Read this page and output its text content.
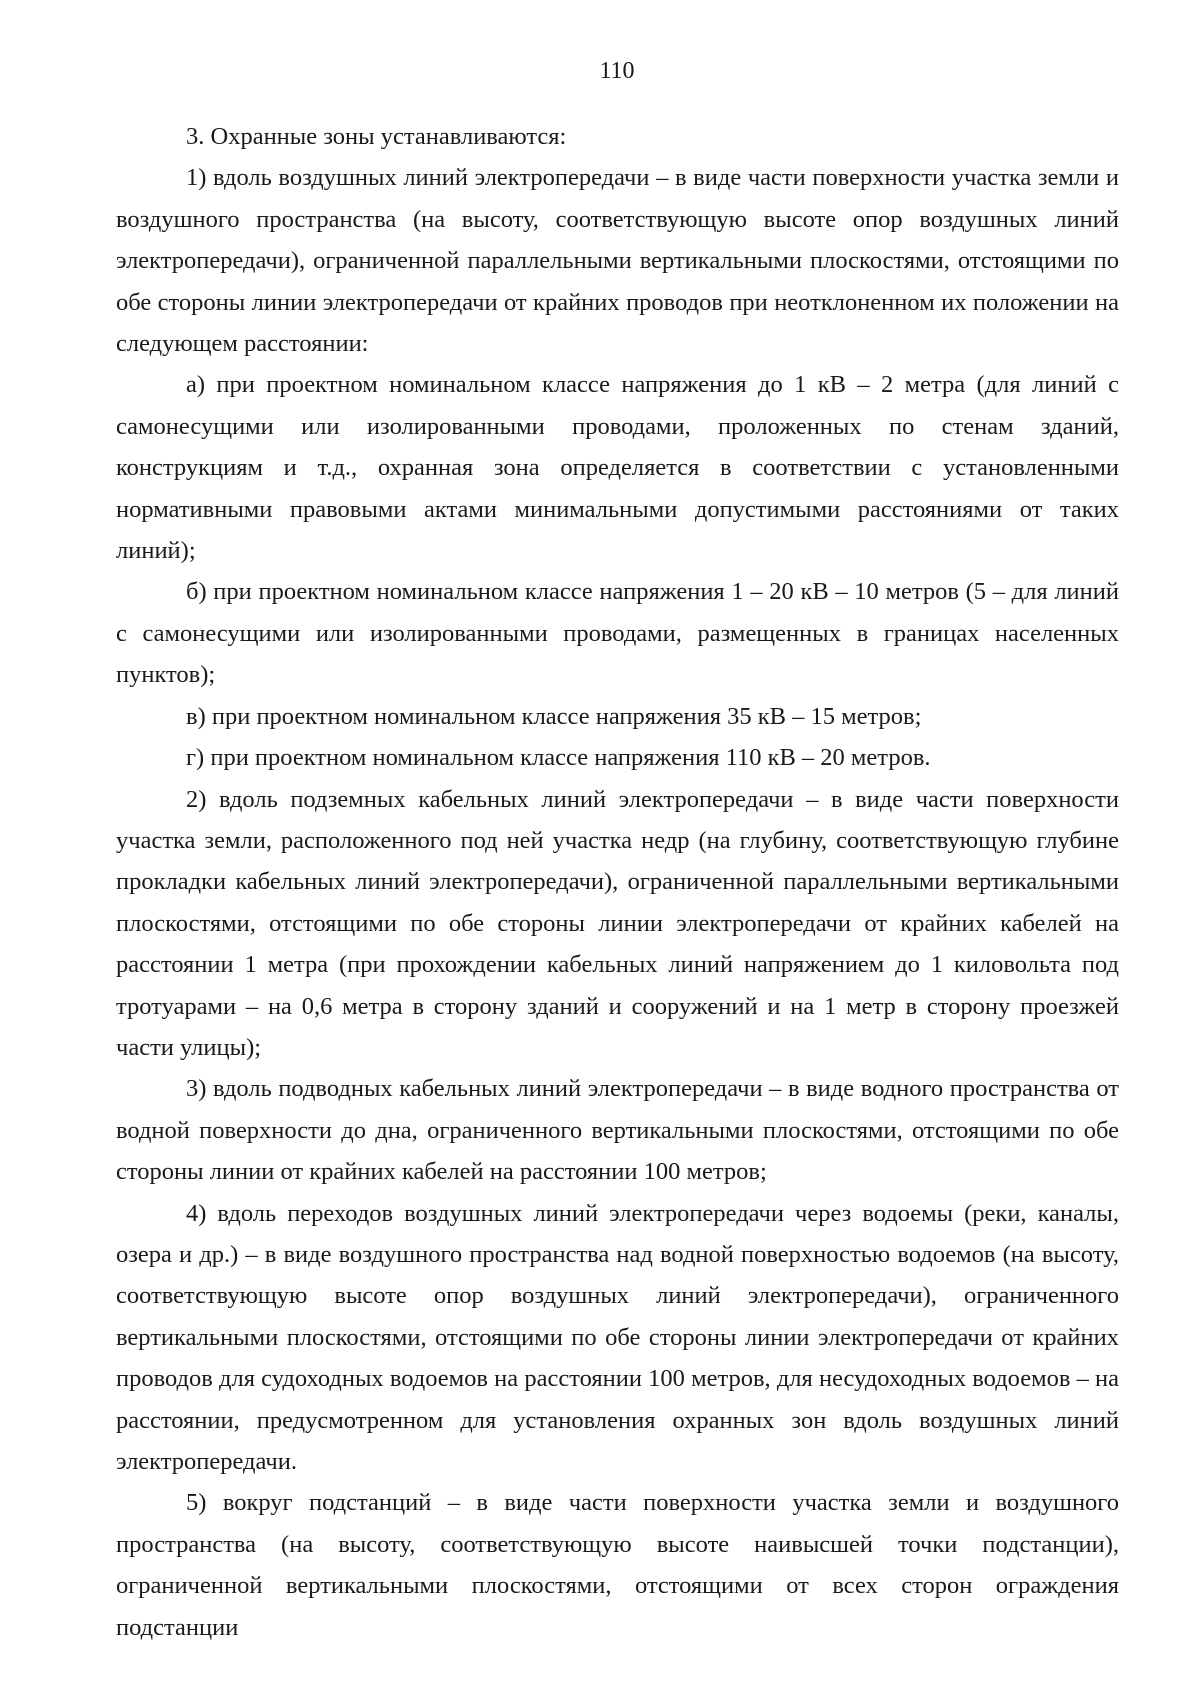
110

3. Охранные зоны устанавливаются:

1) вдоль воздушных линий электропередачи – в виде части поверхности участка земли и воздушного пространства (на высоту, соответствующую высоте опор воздушных линий электропередачи), ограниченной параллельными вертикальными плоскостями, отстоящими по обе стороны линии электропередачи от крайних проводов при неотклоненном их положении на следующем расстоянии:

а) при проектном номинальном классе напряжения до 1 кВ – 2 метра (для линий с самонесущими или изолированными проводами, проложенных по стенам зданий, конструкциям и т.д., охранная зона определяется в соответствии с установленными нормативными правовыми актами минимальными допустимыми расстояниями от таких линий);

б) при проектном номинальном классе напряжения 1 – 20 кВ – 10 метров (5 – для линий с самонесущими или изолированными проводами, размещенных в границах населенных пунктов);

в) при проектном номинальном классе напряжения 35 кВ – 15 метров;

г) при проектном номинальном классе напряжения 110 кВ – 20 метров.

2) вдоль подземных кабельных линий электропередачи – в виде части поверхности участка земли, расположенного под ней участка недр (на глубину, соответствующую глубине прокладки кабельных линий электропередачи), ограниченной параллельными вертикальными плоскостями, отстоящими по обе стороны линии электропередачи от крайних кабелей на расстоянии 1 метра (при прохождении кабельных линий напряжением до 1 киловольта под тротуарами – на 0,6 метра в сторону зданий и сооружений и на 1 метр в сторону проезжей части улицы);

3) вдоль подводных кабельных линий электропередачи – в виде водного пространства от водной поверхности до дна, ограниченного вертикальными плоскостями, отстоящими по обе стороны линии от крайних кабелей на расстоянии 100 метров;

4) вдоль переходов воздушных линий электропередачи через водоемы (реки, каналы, озера и др.) – в виде воздушного пространства над водной поверхностью водоемов (на высоту, соответствующую высоте опор воздушных линий электропередачи), ограниченного вертикальными плоскостями, отстоящими по обе стороны линии электропередачи от крайних проводов для судоходных водоемов на расстоянии 100 метров, для несудоходных водоемов – на расстоянии, предусмотренном для установления охранных зон вдоль воздушных линий электропередачи.

5) вокруг подстанций – в виде части поверхности участка земли и воздушного пространства (на высоту, соответствующую высоте наивысшей точки подстанции), ограниченной вертикальными плоскостями, отстоящими от всех сторон ограждения подстанции
